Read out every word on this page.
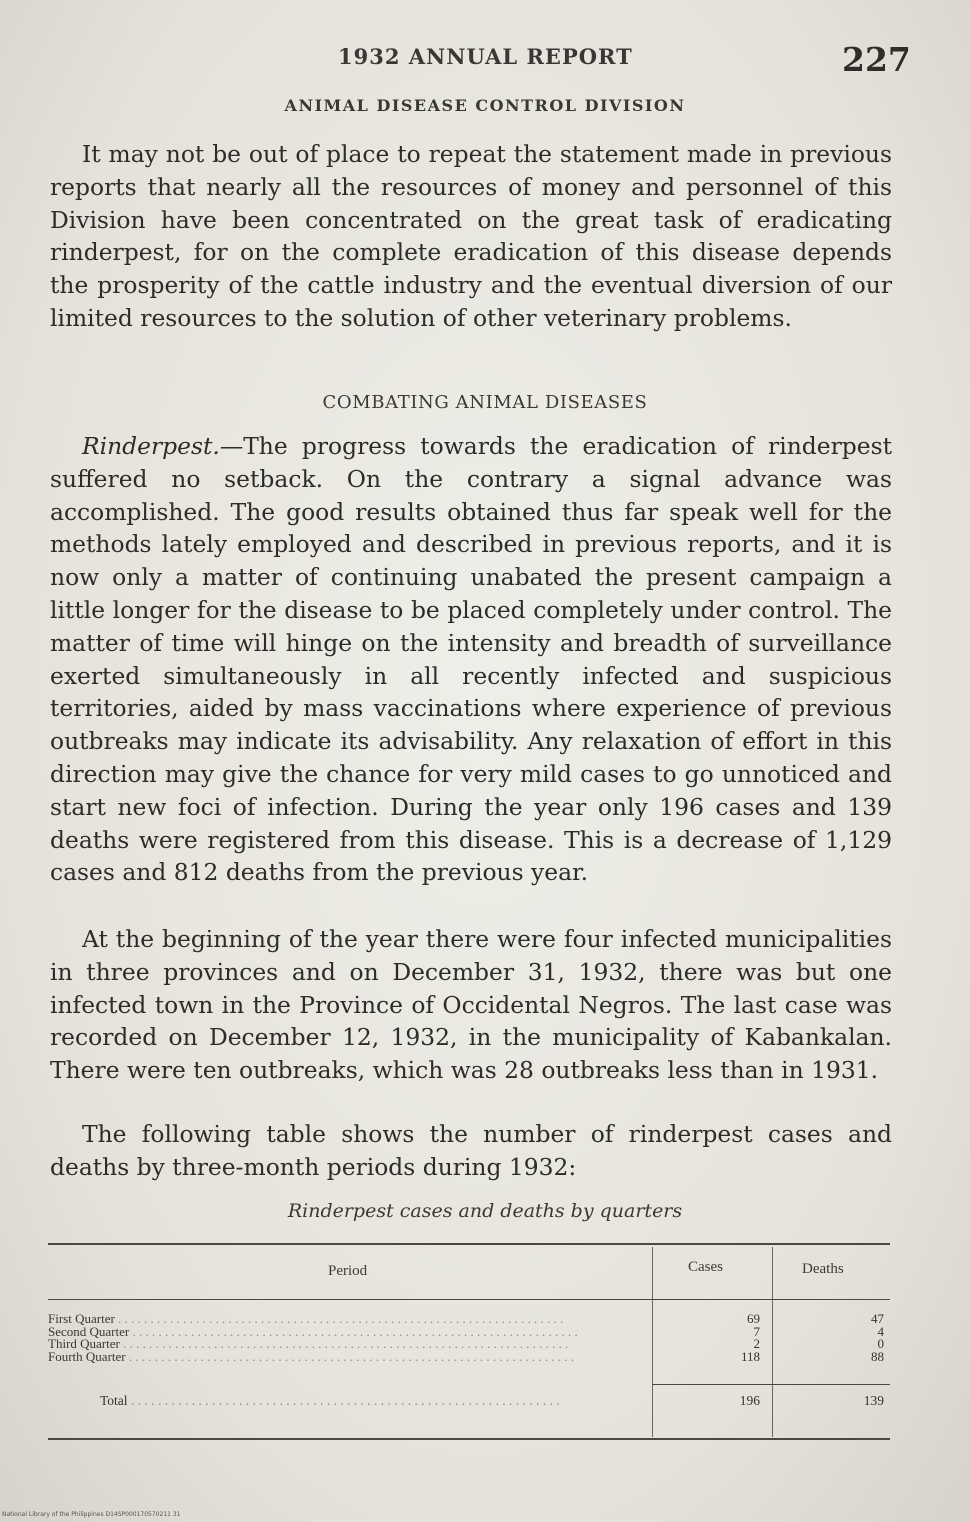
1932 ANNUAL REPORT	227
ANIMAL DISEASE CONTROL DIVISION

It may not be out of place to repeat the statement made in previous reports that nearly all the resources of money and personnel of this Division have been concentrated on the great task of eradicating rinderpest, for on the complete eradication of this disease depends the prosperity of the cattle industry and the eventual diversion of our limited resources to the solution of other veterinary problems.

COMBATING ANIMAL DISEASES

Rinderpest.—The progress towards the eradication of rinderpest suffered no setback. On the contrary a signal advance was accomplished. The good results obtained thus far speak well for the methods lately employed and described in previous reports, and it is now only a matter of continuing unabated the present campaign a little longer for the disease to be placed completely under control. The matter of time will hinge on the intensity and breadth of surveillance exerted simultaneously in all recently infected and suspicious territories, aided by mass vaccinations where experience of previous outbreaks may indicate its advisability. Any relaxation of effort in this direction may give the chance for very mild cases to go unnoticed and start new foci of infection. During the year only 196 cases and 139 deaths were registered from this disease. This is a decrease of 1,129 cases and 812 deaths from the previous year.

At the beginning of the year there were four infected municipalities in three provinces and on December 31, 1932, there was but one infected town in the Province of Occidental Negros. The last case was recorded on December 12, 1932, in the municipality of Kabankalan. There were ten outbreaks, which was 28 outbreaks less than in 1931.

The following table shows the number of rinderpest cases and deaths by three-month periods during 1932:

Rinderpest cases and deaths by quarters
Period	Cases	Deaths
First Quarter . . .	69	47
Second Quarter . . .	7	4
Third Quarter . . .	2	0
Fourth Quarter . . .	118	88
Total . . .	196	139
National Library of the Philippines D14SP000170570211 31
